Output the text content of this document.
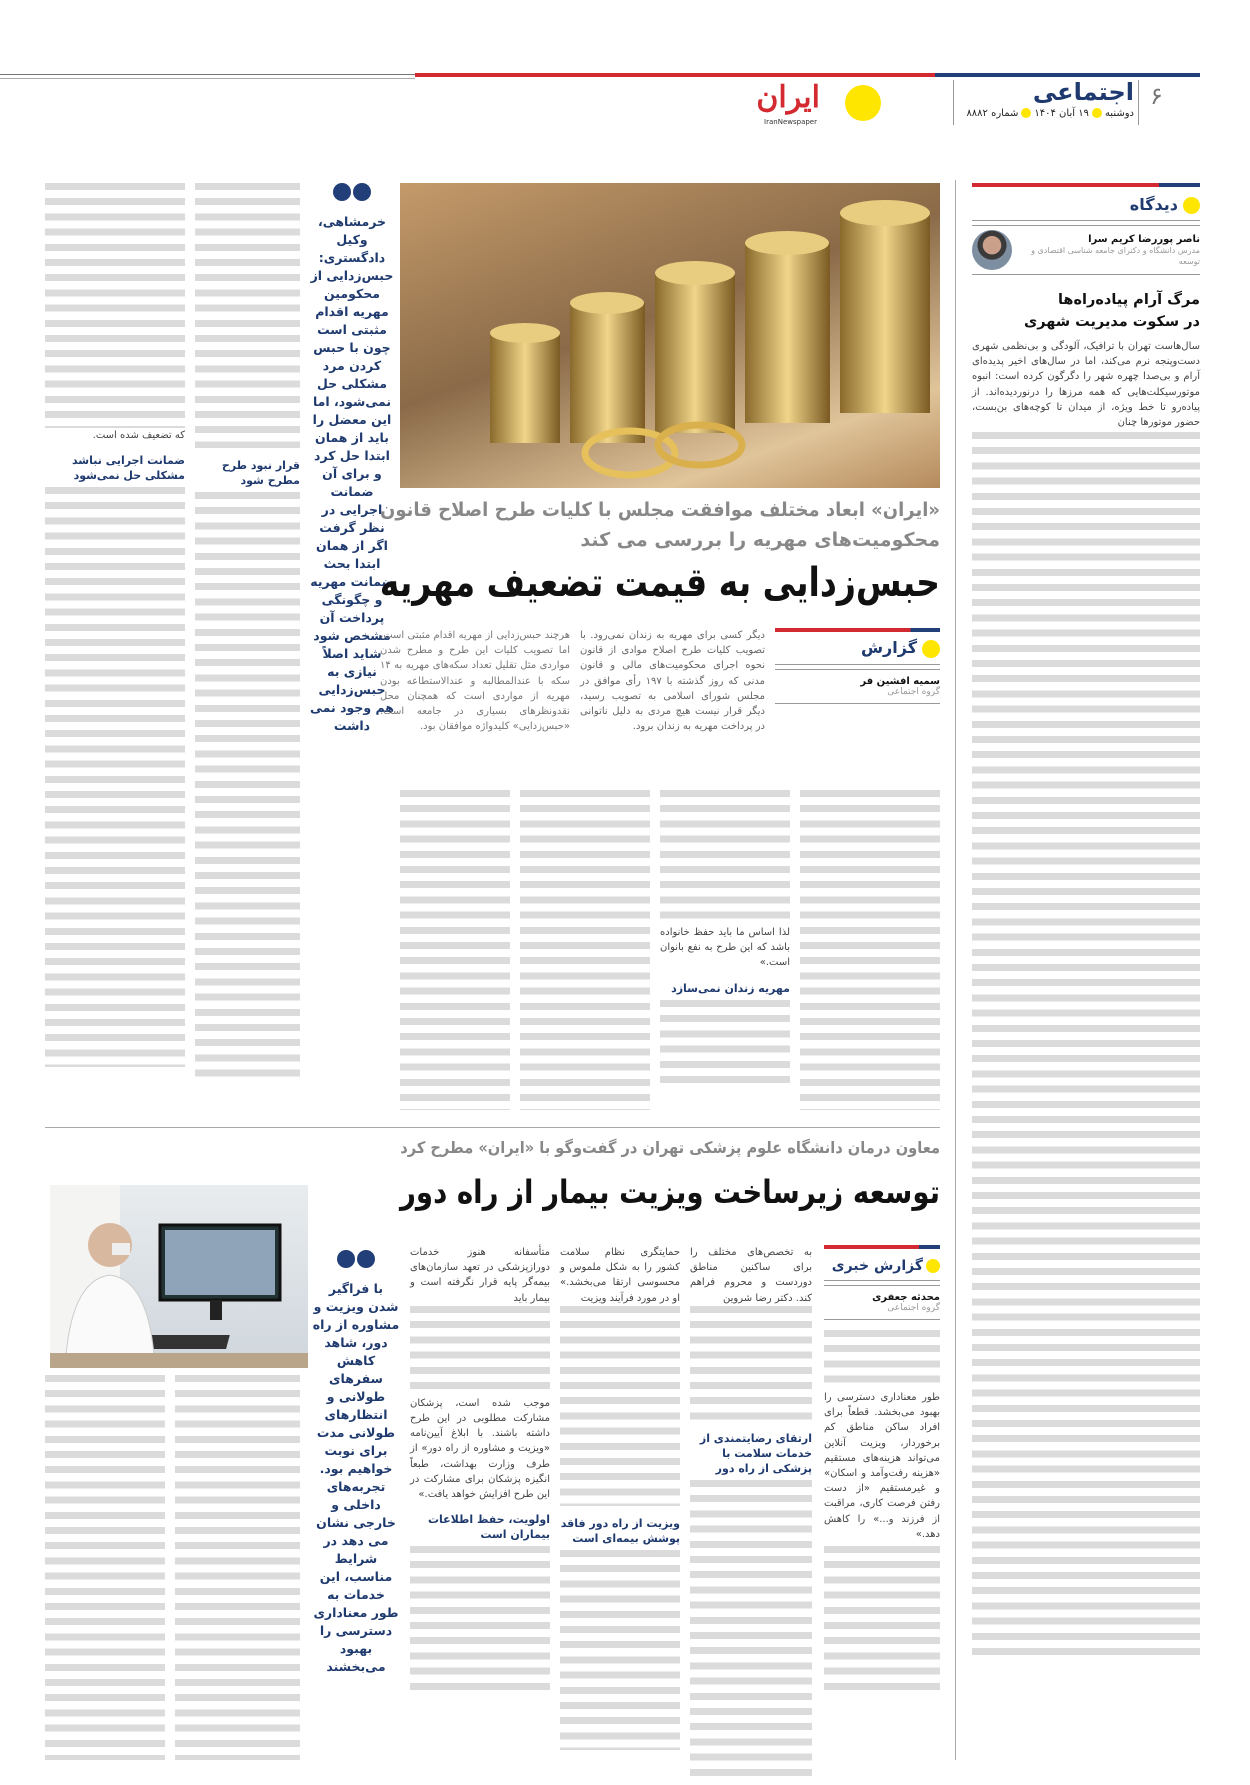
۶
اجتماعی
دوشنبه۱۹ آبان ۱۴۰۴شماره ۸۸۸۲
ایران
IranNewspaper
دیدگاه
ناصر پوررضا کریم سرا
مدرس دانشگاه و دکترای جامعه شناسی اقتصادی و توسعه
مرگ آرام پیاده‌راه‌ها
در سکوت مدیریت شهری
سال‌هاست تهران با ترافیک، آلودگی و بی‌نظمی شهری دست‌وپنجه نرم می‌کند، اما در سال‌های اخیر پدیده‌ای آرام و بی‌صدا چهره شهر را دگرگون کرده است: انبوه موتورسیکلت‌هایی که همه مرزها را درنوردیده‌اند. از پیاده‌رو تا خط ویژه، از میدان تا کوچه‌های بن‌بست، حضور موتورها چنان
خرمشاهی، وکیل دادگستری: حبس‌زدایی از محکومین مهریه اقدام مثبتی است چون با حبس کردن مرد مشکلی حل نمی‌شود، اما این معضل را باید از همان ابتدا حل کرد و برای آن ضمانت اجرایی در نظر گرفت اگر از همان ابتدا بحث ضمانت مهریه و چگونگی پرداخت آن مشخص شود شاید اصلاً نیازی به حبس‌زدایی هم وجود نمی داشت
قرار نبود طرح مطرح شود
که تضعیف شده است.
ضمانت اجرایی نباشد مشکلی حل نمی‌شود
«ایران» ابعاد مختلف موافقت مجلس با کلیات طرح اصلاح قانون
محکومیت‌های مهریه را بررسی می کند
حبس‌زدایی به قیمت تضعیف مهریه
گزارش
سمیه افشین فر
گروه اجتماعی
دیگر کسی برای مهریه به زندان نمی‌رود. با تصویب کلیات طرح اصلاح موادی از قانون نحوه اجرای محکومیت‌های مالی و قانون مدنی که روز گذشته با ۱۹۷ رأی موافق در مجلس شورای اسلامی به تصویب رسید، دیگر قرار نیست هیچ مردی به دلیل ناتوانی در پرداخت مهریه به زندان برود.
هرچند حبس‌زدایی از مهریه اقدام مثبتی است، اما تصویب کلیات این طرح و مطرح شدن مواردی مثل تقلیل تعداد سکه‌های مهریه به ۱۴ سکه با عندالمطالبه و عندالاستطاعه بودن مهریه از مواردی است که همچنان محل نقدونظرهای بسیاری در جامعه است. «حبس‌زدایی» کلیدواژه موافقان بود.
لذا اساس ما باید حفظ خانواده باشد که این طرح به نفع بانوان است.»
مهریه زندان نمی‌سازد
معاون درمان دانشگاه علوم پزشکی تهران در گفت‌وگو با «ایران» مطرح کرد
توسعه زیرساخت ویزیت بیمار از راه دور
با فراگیر شدن ویزیت و مشاوره از راه دور، شاهد کاهش سفرهای طولانی و انتظارهای طولانی مدت برای نوبت خواهیم بود. تجربه‌های داخلی و خارجی نشان می دهد در شرایط مناسب، این خدمات به طور معناداری دسترسی را بهبود می‌بخشند
گزارش خبری
محدثه جعفری
گروه اجتماعی
طور معناداری دسترسی را بهبود می‌بخشد. قطعاً برای افراد ساکن مناطق کم برخوردار، ویزیت آنلاین می‌تواند هزینه‌های مستقیم «هزینه رفت‌وآمد و اسکان» و غیرمستقیم «از دست رفتن فرصت کاری، مراقبت از فرزند و...» را کاهش دهد.»
به تخصص‌های مختلف را برای ساکنین مناطق دوردست و محروم فراهم کند. دکتر رضا شروین
ارتقای رضایتمندی از خدمات سلامت با پزشکی از راه دور
حمایتگری نظام سلامت کشور را به شکل ملموس و محسوسی ارتقا می‌بخشد.» او در مورد فرآیند ویزیت
ویزیت از راه دور فاقد پوشش بیمه‌ای است
متأسفانه هنوز خدمات دورازپزشکی در تعهد سازمان‌های بیمه‌گر پایه قرار نگرفته است و بیمار باید
موجب شده است، پزشکان مشارکت مطلوبی در این طرح داشته باشند. با ابلاغ آیین‌نامه «ویزیت و مشاوره از راه دور» از طرف وزارت بهداشت، طبعاً انگیزه پزشکان برای مشارکت در این طرح افزایش خواهد یافت.»
اولویت، حفظ اطلاعات بیماران است
